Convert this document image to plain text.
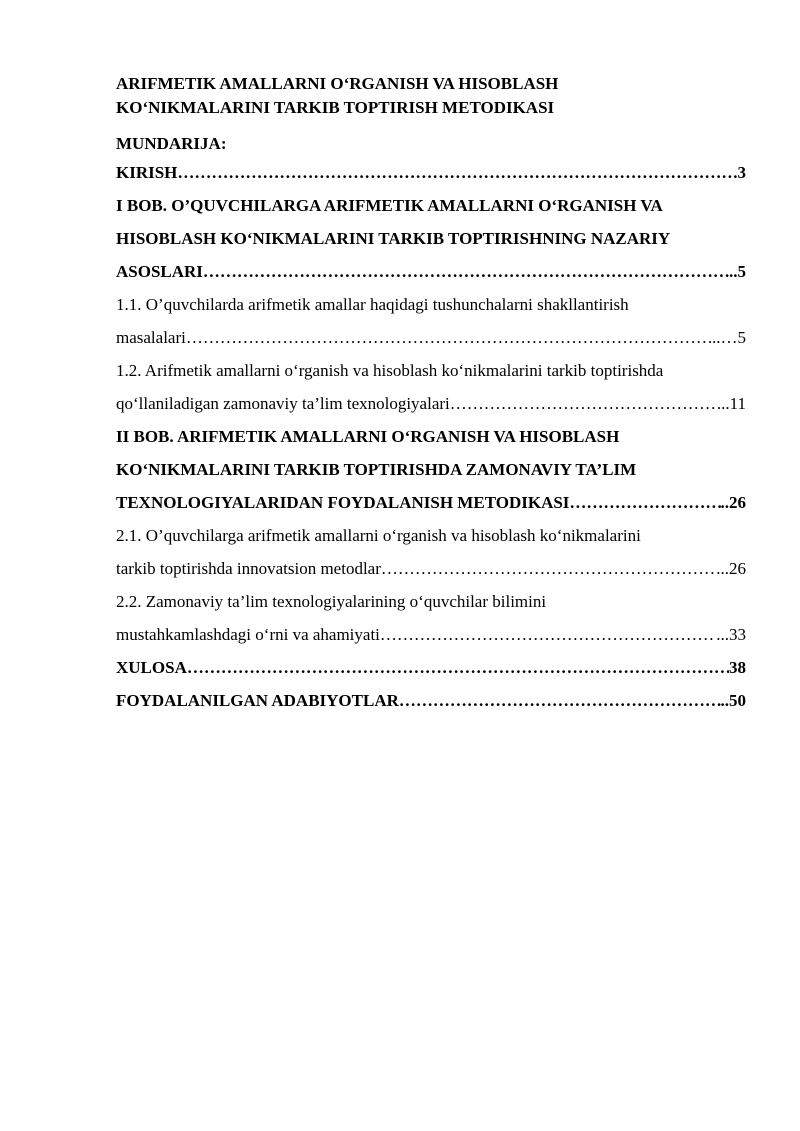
ARIFMETIK AMALLARNI O‘RGANISH VA HISOBLASH
KO‘NIKMALARINI TARKIB TOPTIRISH METODIKASI
MUNDARIJA:
KIRISH …………………………………………………………………………………………………………………………………………	.3
I BOB. O’QUVCHILARGA ARIFMETIK AMALLARNI O‘RGANISH VA
HISOBLASH KO‘NIKMALARINI TARKIB TOPTIRISHNING NAZARIY
ASOSLARI …………………………………………………………………………………………………………………………………………	..5
1.1. O’quvchilarda arifmetik amallar haqidagi tushunchalarni shakllantirish
masalalari …………………………………………………………………………………………………………………………………………	..…5
1.2. Arifmetik amallarni o‘rganish va hisoblash ko‘nikmalarini tarkib toptirishda
qo‘llaniladigan zamonaviy ta’lim texnologiyalari …………………………………………………………………………………………………………………………………………	...11
II BOB. ARIFMETIK AMALLARNI O‘RGANISH VA HISOBLASH
KO‘NIKMALARINI TARKIB TOPTIRISHDA ZAMONAVIY TA’LIM
TEXNOLOGIYALARIDAN FOYDALANISH METODIKASI …………………………………………………………………………………………………………………………………………	..26
2.1. O’quvchilarga arifmetik amallarni o‘rganish va hisoblash ko‘nikmalarini
tarkib toptirishda innovatsion metodlar …………………………………………………………………………………………………………………………………………	...26
2.2. Zamonaviy ta’lim texnologiyalarining o‘quvchilar bilimini
mustahkamlashdagi o‘rni va ahamiyati …………………………………………………………………………………………………………………………………………	...33
XULOSA …………………………………………………………………………………………………………………………………………	38
FOYDALANILGAN ADABIYOTLAR …………………………………………………………………………………………………………………………………………	..50
